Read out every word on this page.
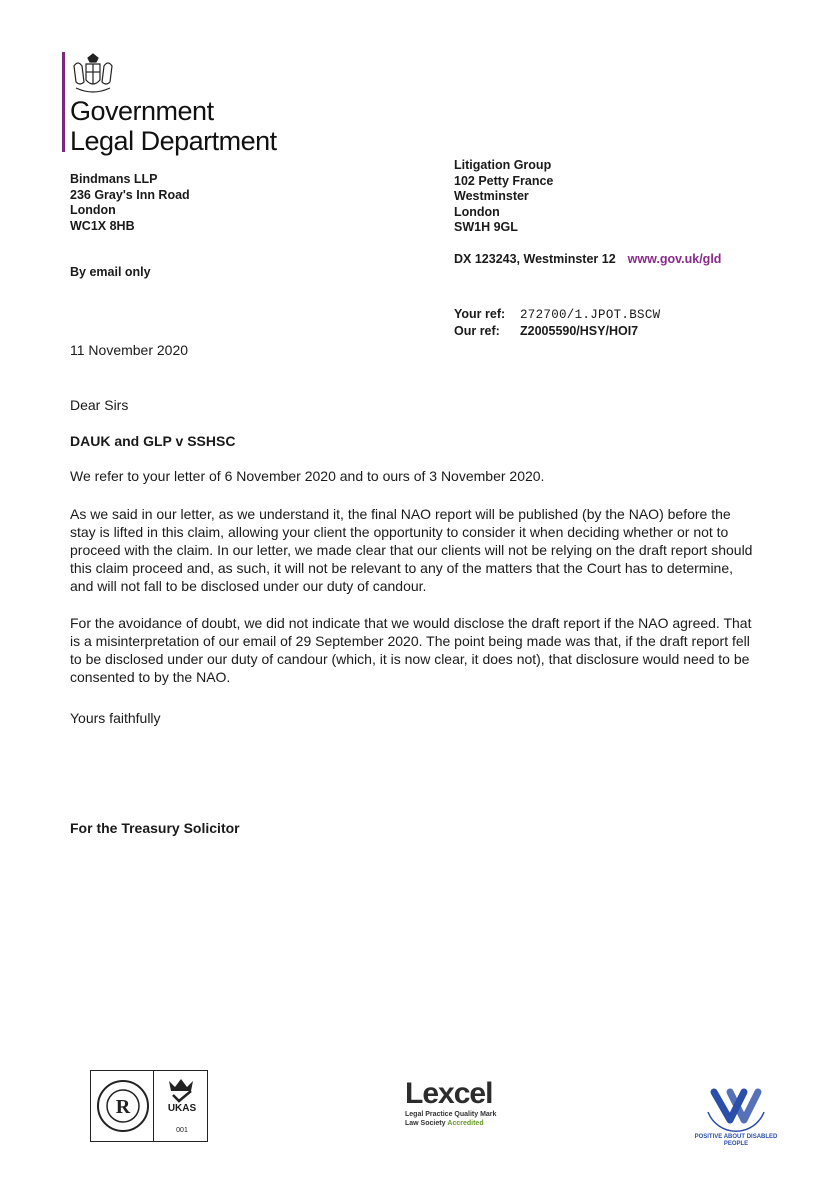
Government
Legal Department
Bindmans LLP
236 Gray's Inn Road
London
WC1X 8HB
By email only
Litigation Group
102 Petty France
Westminster
London
SW1H 9GL
DX 123243, Westminster 12 www.gov.uk/gld
Your ref: 272700/1.JPOT.BSCW
Our ref: Z2005590/HSY/HOI7
11 November 2020
Dear Sirs
DAUK and GLP v SSHSC
We refer to your letter of 6 November 2020 and to ours of 3 November 2020.
As we said in our letter, as we understand it, the final NAO report will be published (by the NAO) before the stay is lifted in this claim, allowing your client the opportunity to consider it when deciding whether or not to proceed with the claim. In our letter, we made clear that our clients will not be relying on the draft report should this claim proceed and, as such, it will not be relevant to any of the matters that the Court has to determine, and will not fall to be disclosed under our duty of candour.
For the avoidance of doubt, we did not indicate that we would disclose the draft report if the NAO agreed. That is a misinterpretation of our email of 29 September 2020. The point being made was that, if the draft report fell to be disclosed under our duty of candour (which, it is now clear, it does not), that disclosure would need to be consented to by the NAO.
Yours faithfully
For the Treasury Solicitor
R	UKAS
001
Lexcel
Legal Practice Quality Mark
Law Society Accredited
POSITIVE ABOUT DISABLED PEOPLE
